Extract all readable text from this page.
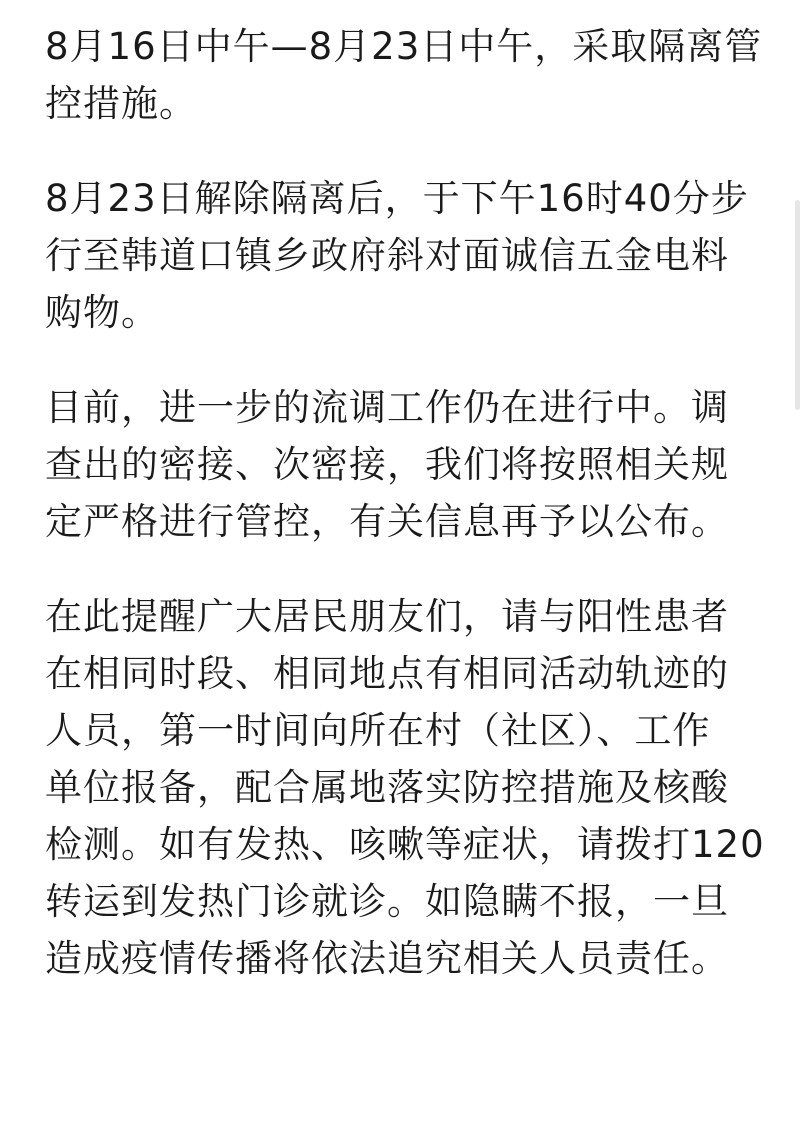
8月16日中午—8月23日中午，采取隔离管
控措施。

8月23日解除隔离后，于下午16时40分步
行至韩道口镇乡政府斜对面诚信五金电料
购物。

目前，进一步的流调工作仍在进行中。调
查出的密接、次密接，我们将按照相关规
定严格进行管控，有关信息再予以公布。

在此提醒广大居民朋友们，请与阳性患者
在相同时段、相同地点有相同活动轨迹的
人员，第一时间向所在村（社区）、工作
单位报备，配合属地落实防控措施及核酸
检测。如有发热、咳嗽等症状，请拨打120
转运到发热门诊就诊。如隐瞒不报，一旦
造成疫情传播将依法追究相关人员责任。
